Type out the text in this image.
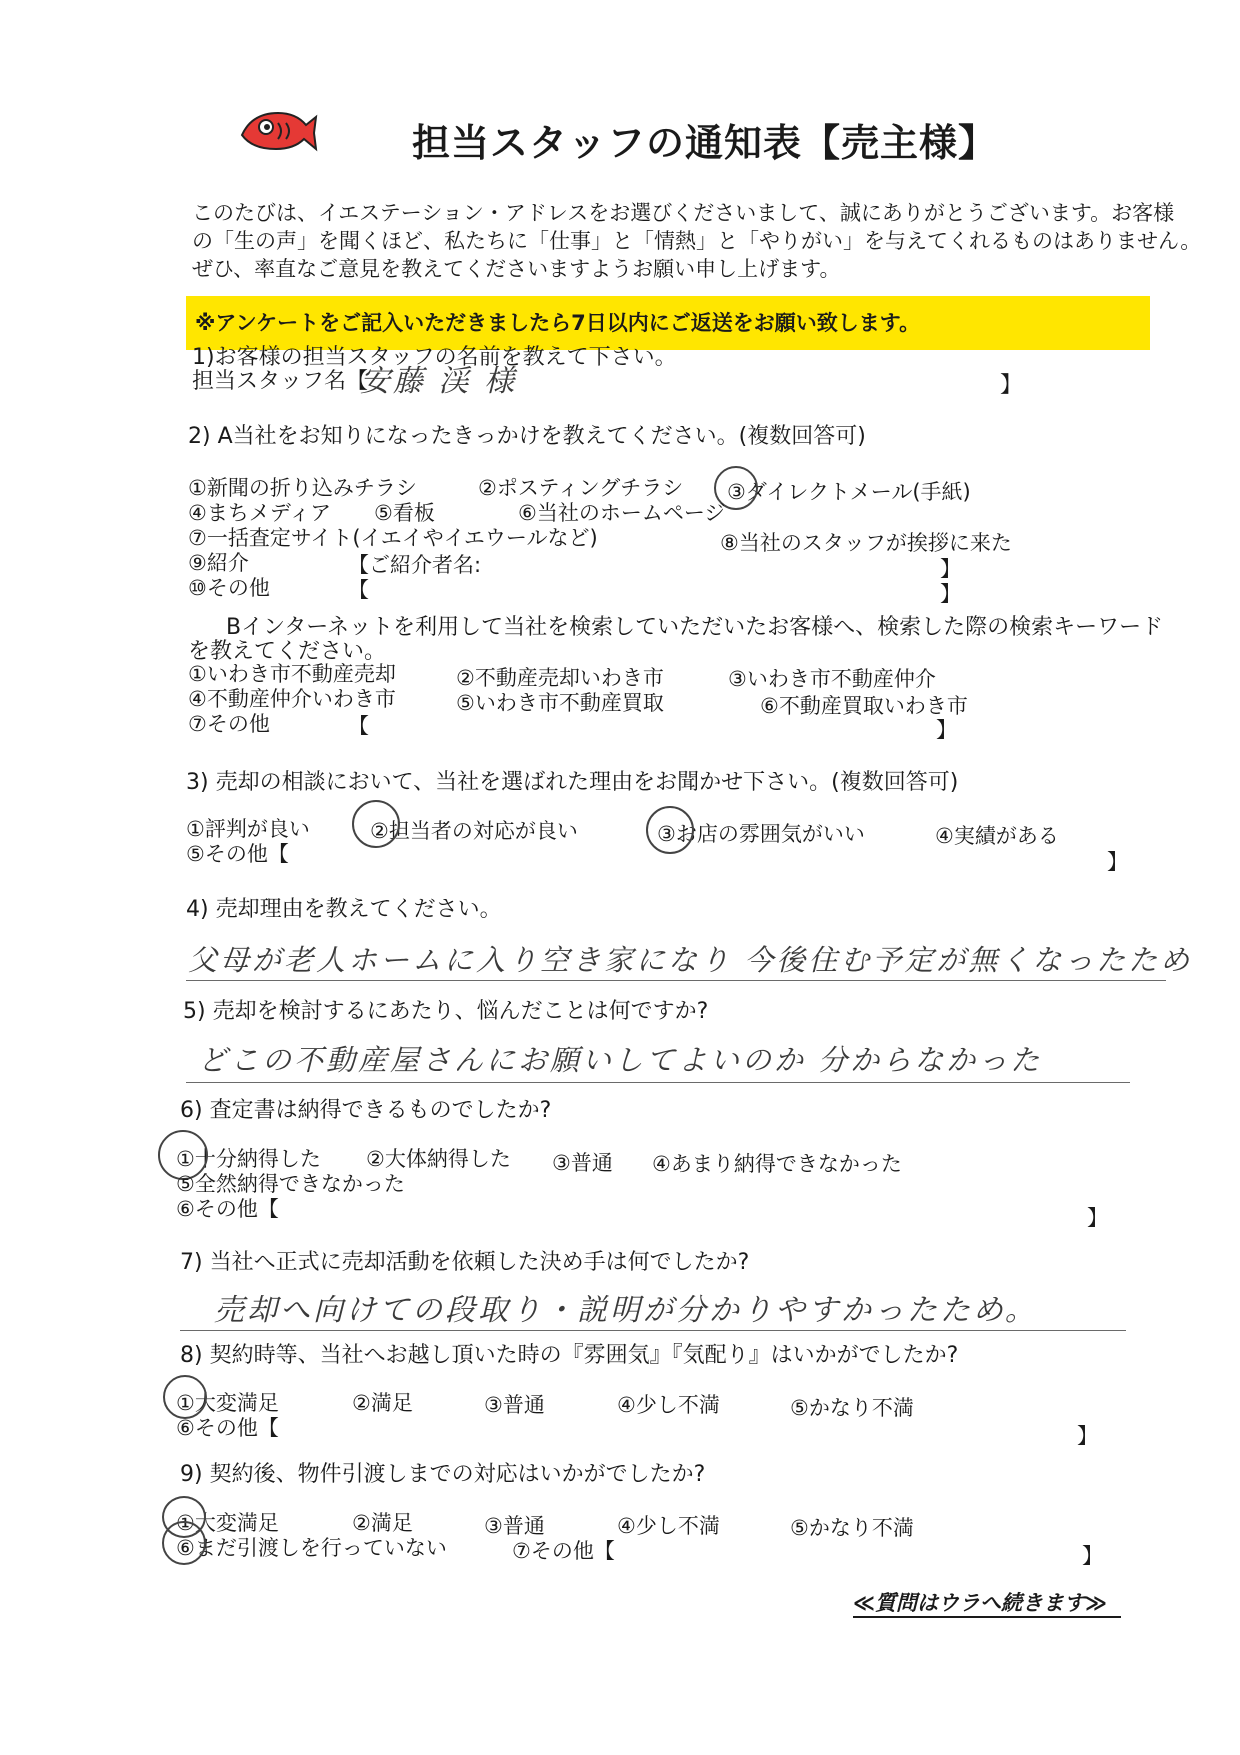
担当スタッフの通知表【売主様】
このたびは、イエステーション・アドレスをお選びくださいまして、誠にありがとうございます。お客様
の「生の声」を聞くほど、私たちに「仕事」と「情熱」と「やりがい」を与えてくれるものはありません。
ぜひ、率直なご意見を教えてくださいますようお願い申し上げます。
※アンケートをご記入いただきましたら7日以内にご返送をお願い致します。
1)お客様の担当スタッフの名前を教えて下さい。
担当スタッフ名【
安藤 渓 様	】
2) A当社をお知りになったきっかけを教えてください。(複数回答可)
①新聞の折り込みチラシ	②ポスティングチラシ ③ダイレクトメール(手紙)
④まちメディア ⑤看板	⑥当社のホームページ
⑦一括査定サイト(イエイやイエウールなど)	⑧当社のスタッフが挨拶に来た
⑨紹介	【ご紹介者名:	】
⑩その他	【	】
Bインターネットを利用して当社を検索していただいたお客様へ、検索した際の検索キーワード
を教えてください。
①いわき市不動産売却	②不動産売却いわき市	③いわき市不動産仲介
④不動産仲介いわき市	⑤いわき市不動産買取	⑥不動産買取いわき市
⑦その他	【	】
3) 売却の相談において、当社を選ばれた理由をお聞かせ下さい。(複数回答可)
①評判が良い	②担当者の対応が良い	③お店の雰囲気がいい	④実績がある
⑤その他【	】
4) 売却理由を教えてください。
父母が老人ホームに入り空き家になり 今後住む予定が無くなったため
5) 売却を検討するにあたり、悩んだことは何ですか?
どこの不動産屋さんにお願いしてよいのか 分からなかった
6) 査定書は納得できるものでしたか?
①十分納得した ②大体納得した ③普通 ④あまり納得できなかった
⑤全然納得できなかった
⑥その他【	】
7) 当社へ正式に売却活動を依頼した決め手は何でしたか?
売却へ向けての段取り・説明が分かりやすかったため。
8) 契約時等、当社へお越し頂いた時の『雰囲気』『気配り』はいかがでしたか?
①大変満足	②満足	③普通	④少し不満	⑤かなり不満
⑥その他【	】
9) 契約後、物件引渡しまでの対応はいかがでしたか?
①大変満足	②満足	③普通	④少し不満	⑤かなり不満
⑥まだ引渡しを行っていない	⑦その他【	】
≪質問はウラへ続きます≫
